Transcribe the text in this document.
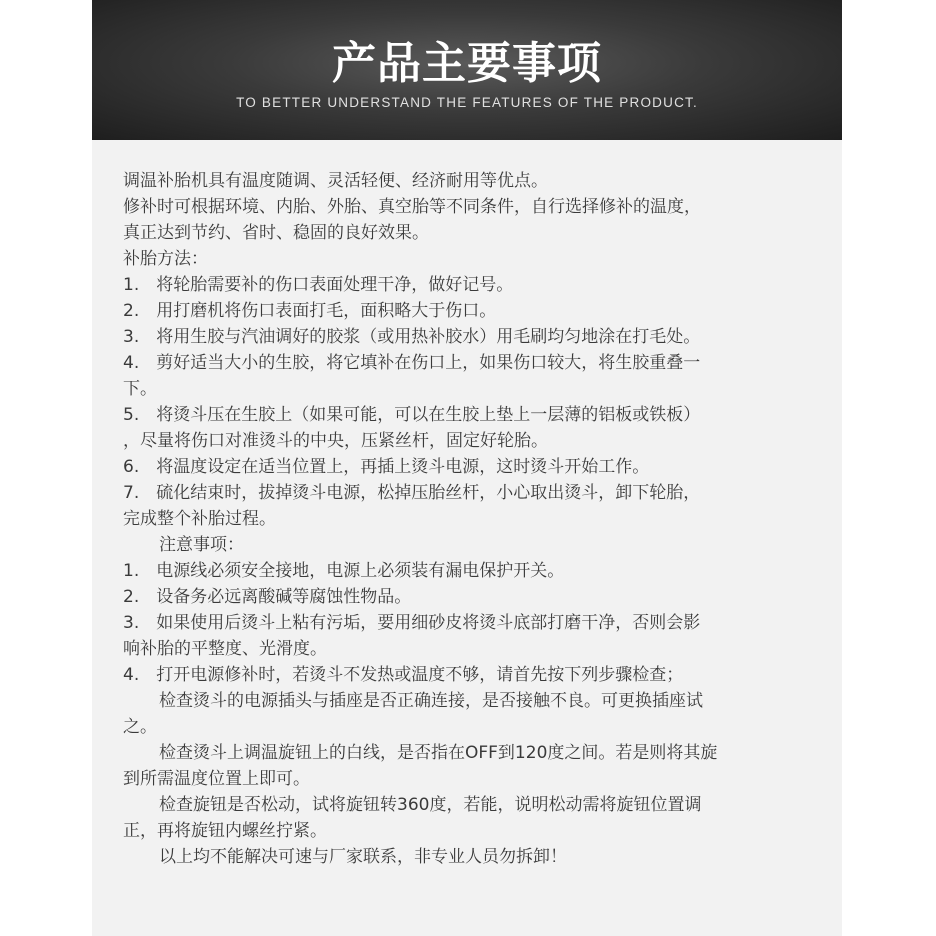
产品主要事项
TO BETTER UNDERSTAND THE FEATURES OF THE PRODUCT.
调温补胎机具有温度随调、灵活轻便、经济耐用等优点。
修补时可根据环境、内胎、外胎、真空胎等不同条件，自行选择修补的温度，
真正达到节约、省时、稳固的良好效果。
补胎方法：
1.　将轮胎需要补的伤口表面处理干净，做好记号。
2.　用打磨机将伤口表面打毛，面积略大于伤口。
3.　将用生胶与汽油调好的胶浆（或用热补胶水）用毛刷均匀地涂在打毛处。
4.　剪好适当大小的生胶，将它填补在伤口上，如果伤口较大，将生胶重叠一
下。
5.　将烫斗压在生胶上（如果可能，可以在生胶上垫上一层薄的铝板或铁板）
，尽量将伤口对准烫斗的中央，压紧丝杆，固定好轮胎。
6.　将温度设定在适当位置上，再插上烫斗电源，这时烫斗开始工作。
7.　硫化结束时，拔掉烫斗电源，松掉压胎丝杆，小心取出烫斗，卸下轮胎，
完成整个补胎过程。
注意事项：
1.　电源线必须安全接地，电源上必须装有漏电保护开关。
2.　设备务必远离酸碱等腐蚀性物品。
3.　如果使用后烫斗上粘有污垢，要用细砂皮将烫斗底部打磨干净，否则会影
响补胎的平整度、光滑度。
4.　打开电源修补时，若烫斗不发热或温度不够，请首先按下列步骤检查；
检查烫斗的电源插头与插座是否正确连接，是否接触不良。可更换插座试
之。
检查烫斗上调温旋钮上的白线，是否指在OFF到120度之间。若是则将其旋
到所需温度位置上即可。
检查旋钮是否松动，试将旋钮转360度，若能，说明松动需将旋钮位置调
正，再将旋钮内螺丝拧紧。
以上均不能解决可速与厂家联系，非专业人员勿拆卸！
